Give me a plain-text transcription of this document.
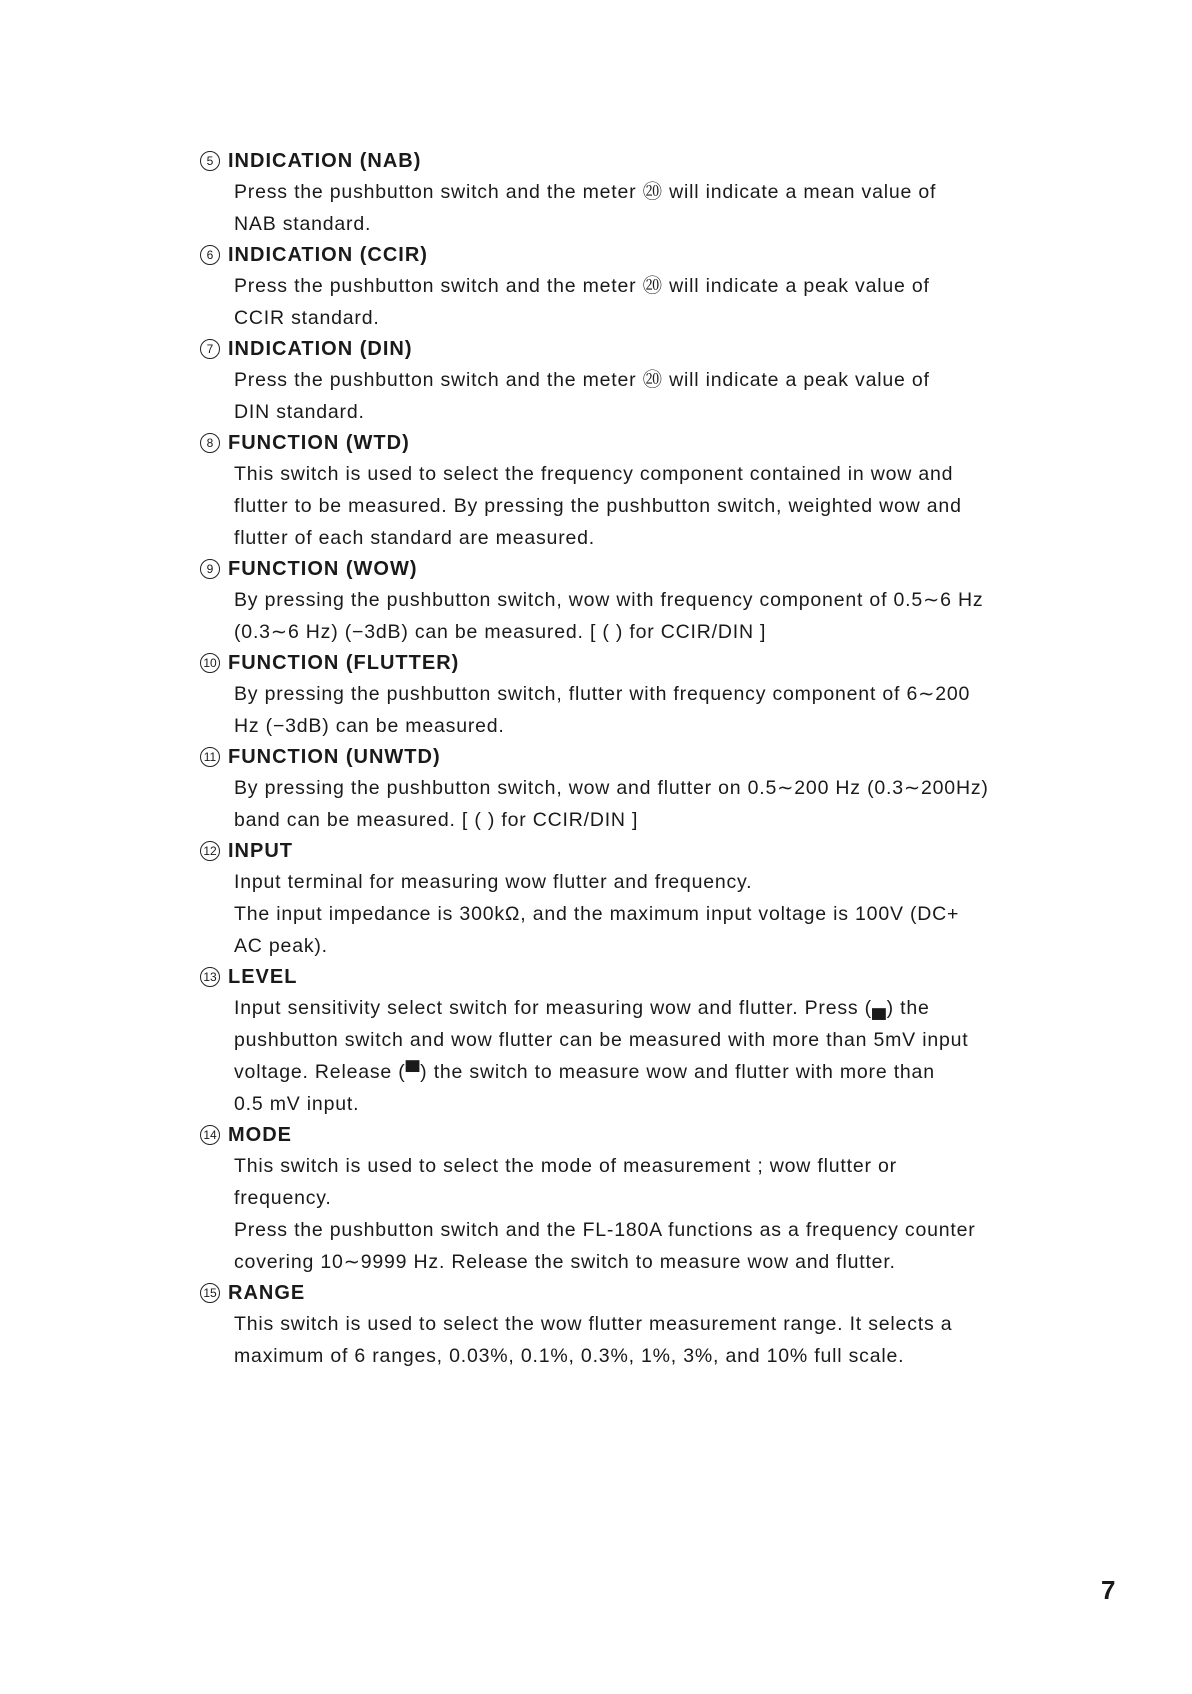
5 INDICATION (NAB)
Press the pushbutton switch and the meter ⑳ will indicate a mean value of
NAB standard.
6 INDICATION (CCIR)
Press the pushbutton switch and the meter ⑳ will indicate a peak value of
CCIR standard.
7 INDICATION (DIN)
Press the pushbutton switch and the meter ⑳ will indicate a peak value of
DIN standard.
8 FUNCTION (WTD)
This switch is used to select the frequency component contained in wow and
flutter to be measured. By pressing the pushbutton switch, weighted wow and
flutter of each standard are measured.
9 FUNCTION (WOW)
By pressing the pushbutton switch, wow with frequency component of 0.5∼6 Hz
(0.3∼6 Hz) (−3dB) can be measured. [ ( ) for CCIR/DIN ]
10 FUNCTION (FLUTTER)
By pressing the pushbutton switch, flutter with frequency component of 6∼200
Hz (−3dB) can be measured.
11 FUNCTION (UNWTD)
By pressing the pushbutton switch, wow and flutter on 0.5∼200 Hz (0.3∼200Hz)
band can be measured. [ ( ) for CCIR/DIN ]
12 INPUT
Input terminal for measuring wow flutter and frequency.
The input impedance is 300kΩ, and the maximum input voltage is 100V (DC+
AC peak).
13 LEVEL
Input sensitivity select switch for measuring wow and flutter. Press (▄) the
pushbutton switch and wow flutter can be measured with more than 5mV input
voltage. Release (▀) the switch to measure wow and flutter with more than
0.5 mV input.
14 MODE
This switch is used to select the mode of measurement ; wow flutter or
frequency.
Press the pushbutton switch and the FL-180A functions as a frequency counter
covering 10∼9999 Hz. Release the switch to measure wow and flutter.
15 RANGE
This switch is used to select the wow flutter measurement range. It selects a
maximum of 6 ranges, 0.03%, 0.1%, 0.3%, 1%, 3%, and 10% full scale.
7
